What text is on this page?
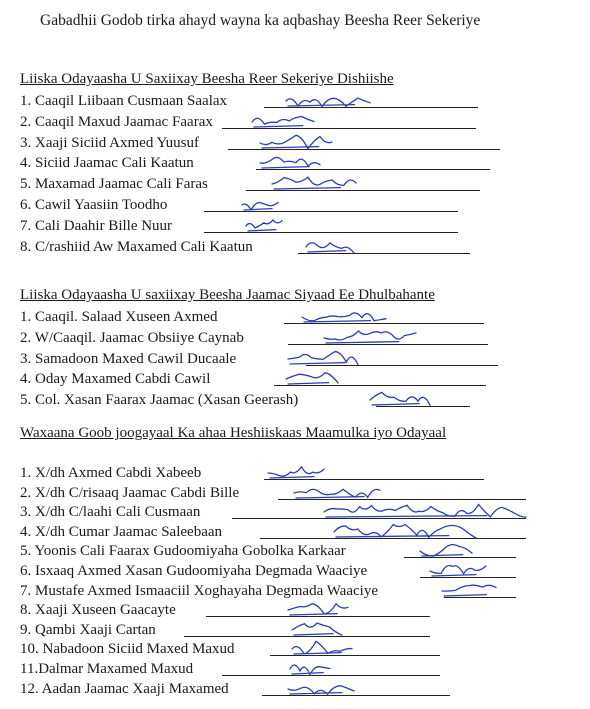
Gabadhii Godob tirka ahayd wayna ka aqbashay Beesha Reer Sekeriye
Liiska Odayaasha U Saxiixay Beesha Reer Sekeriye Dishiishe
1. Caaqil Liibaan Cusmaan Saalax
2. Caaqil Maxud Jaamac Faarax
3. Xaaji Siciid Axmed Yuusuf
4. Siciid Jaamac Cali Kaatun
5. Maxamad Jaamac Cali Faras
6. Cawil Yaasiin Toodho
7. Cali Daahir Bille Nuur
8. C/rashiid Aw Maxamed Cali Kaatun
Liiska Odayaasha U saxiixay Beesha Jaamac Siyaad Ee Dhulbahante
1. Caaqil. Salaad Xuseen Axmed
2. W/Caaqil. Jaamac Obsiiye Caynab
3. Samadoon Maxed Cawil Ducaale
4. Oday Maxamed Cabdi Cawil
5. Col. Xasan Faarax Jaamac (Xasan Geerash)
Waxaana Goob joogayaal Ka ahaa Heshiiskaas Maamulka iyo Odayaal
1. X/dh Axmed Cabdi Xabeeb
2. X/dh C/risaaq Jaamac Cabdi Bille
3. X/dh C/laahi Cali Cusmaan
4. X/dh Cumar Jaamac Saleebaan
5. Yoonis Cali Faarax Gudoomiyaha Gobolka Karkaar
6. Isxaaq Axmed Xasan Gudoomiyaha Degmada Waaciye
7. Mustafe Axmed Ismaaciil Xoghayaha Degmada Waaciye
8. Xaaji Xuseen Gaacayte
9. Qambi Xaaji Cartan
10. Nabadoon Siciid Maxed Maxud
11.Dalmar Maxamed Maxud
12. Aadan Jaamac Xaaji Maxamed
